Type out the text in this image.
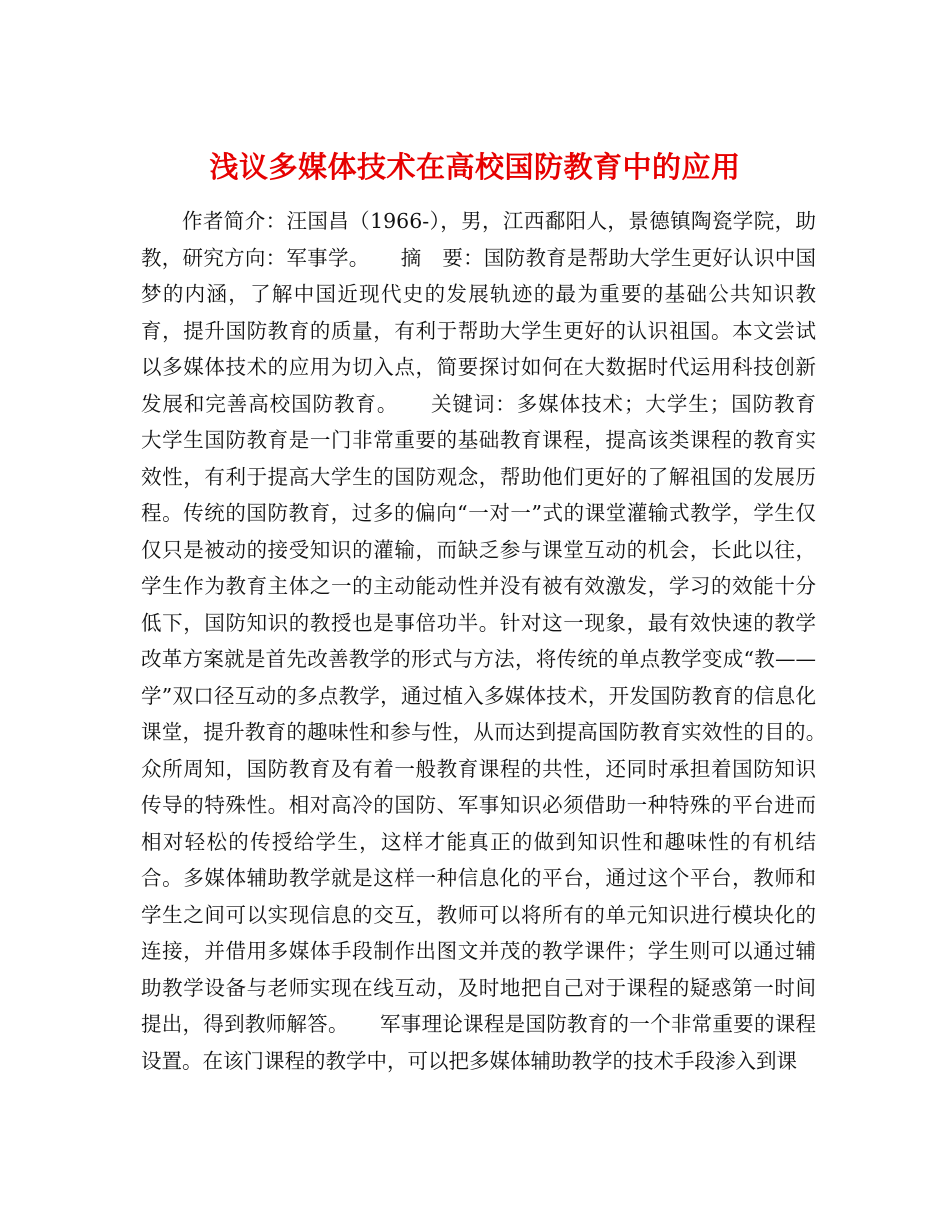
浅议多媒体技术在高校国防教育中的应用

作者简介：汪国昌（1966-），男，江西鄱阳人，景德镇陶瓷学院，助教，研究方向：军事学。　　摘　要：国防教育是帮助大学生更好认识中国梦的内涵，了解中国近现代史的发展轨迹的最为重要的基础公共知识教育，提升国防教育的质量，有利于帮助大学生更好的认识祖国。本文尝试以多媒体技术的应用为切入点，简要探讨如何在大数据时代运用科技创新发展和完善高校国防教育。　　关键词：多媒体技术；大学生；国防教育　　大学生国防教育是一门非常重要的基础教育课程，提高该类课程的教育实效性，有利于提高大学生的国防观念，帮助他们更好的了解祖国的发展历程。传统的国防教育，过多的偏向“一对一”式的课堂灌输式教学，学生仅仅只是被动的接受知识的灌输，而缺乏参与课堂互动的机会，长此以往，学生作为教育主体之一的主动能动性并没有被有效激发，学习的效能十分低下，国防知识的教授也是事倍功半。针对这一现象，最有效快速的教学改革方案就是首先改善教学的形式与方法，将传统的单点教学变成“教——学”双口径互动的多点教学，通过植入多媒体技术，开发国防教育的信息化课堂，提升教育的趣味性和参与性，从而达到提高国防教育实效性的目的。　　众所周知，国防教育及有着一般教育课程的共性，还同时承担着国防知识传导的特殊性。相对高冷的国防、军事知识必须借助一种特殊的平台进而相对轻松的传授给学生，这样才能真正的做到知识性和趣味性的有机结合。多媒体辅助教学就是这样一种信息化的平台，通过这个平台，教师和学生之间可以实现信息的交互，教师可以将所有的单元知识进行模块化的连接，并借用多媒体手段制作出图文并茂的教学课件；学生则可以通过辅助教学设备与老师实现在线互动，及时地把自己对于课程的疑惑第一时间提出，得到教师解答。　　军事理论课程是国防教育的一个非常重要的课程设置。在该门课程的教学中，可以把多媒体辅助教学的技术手段渗入到课
